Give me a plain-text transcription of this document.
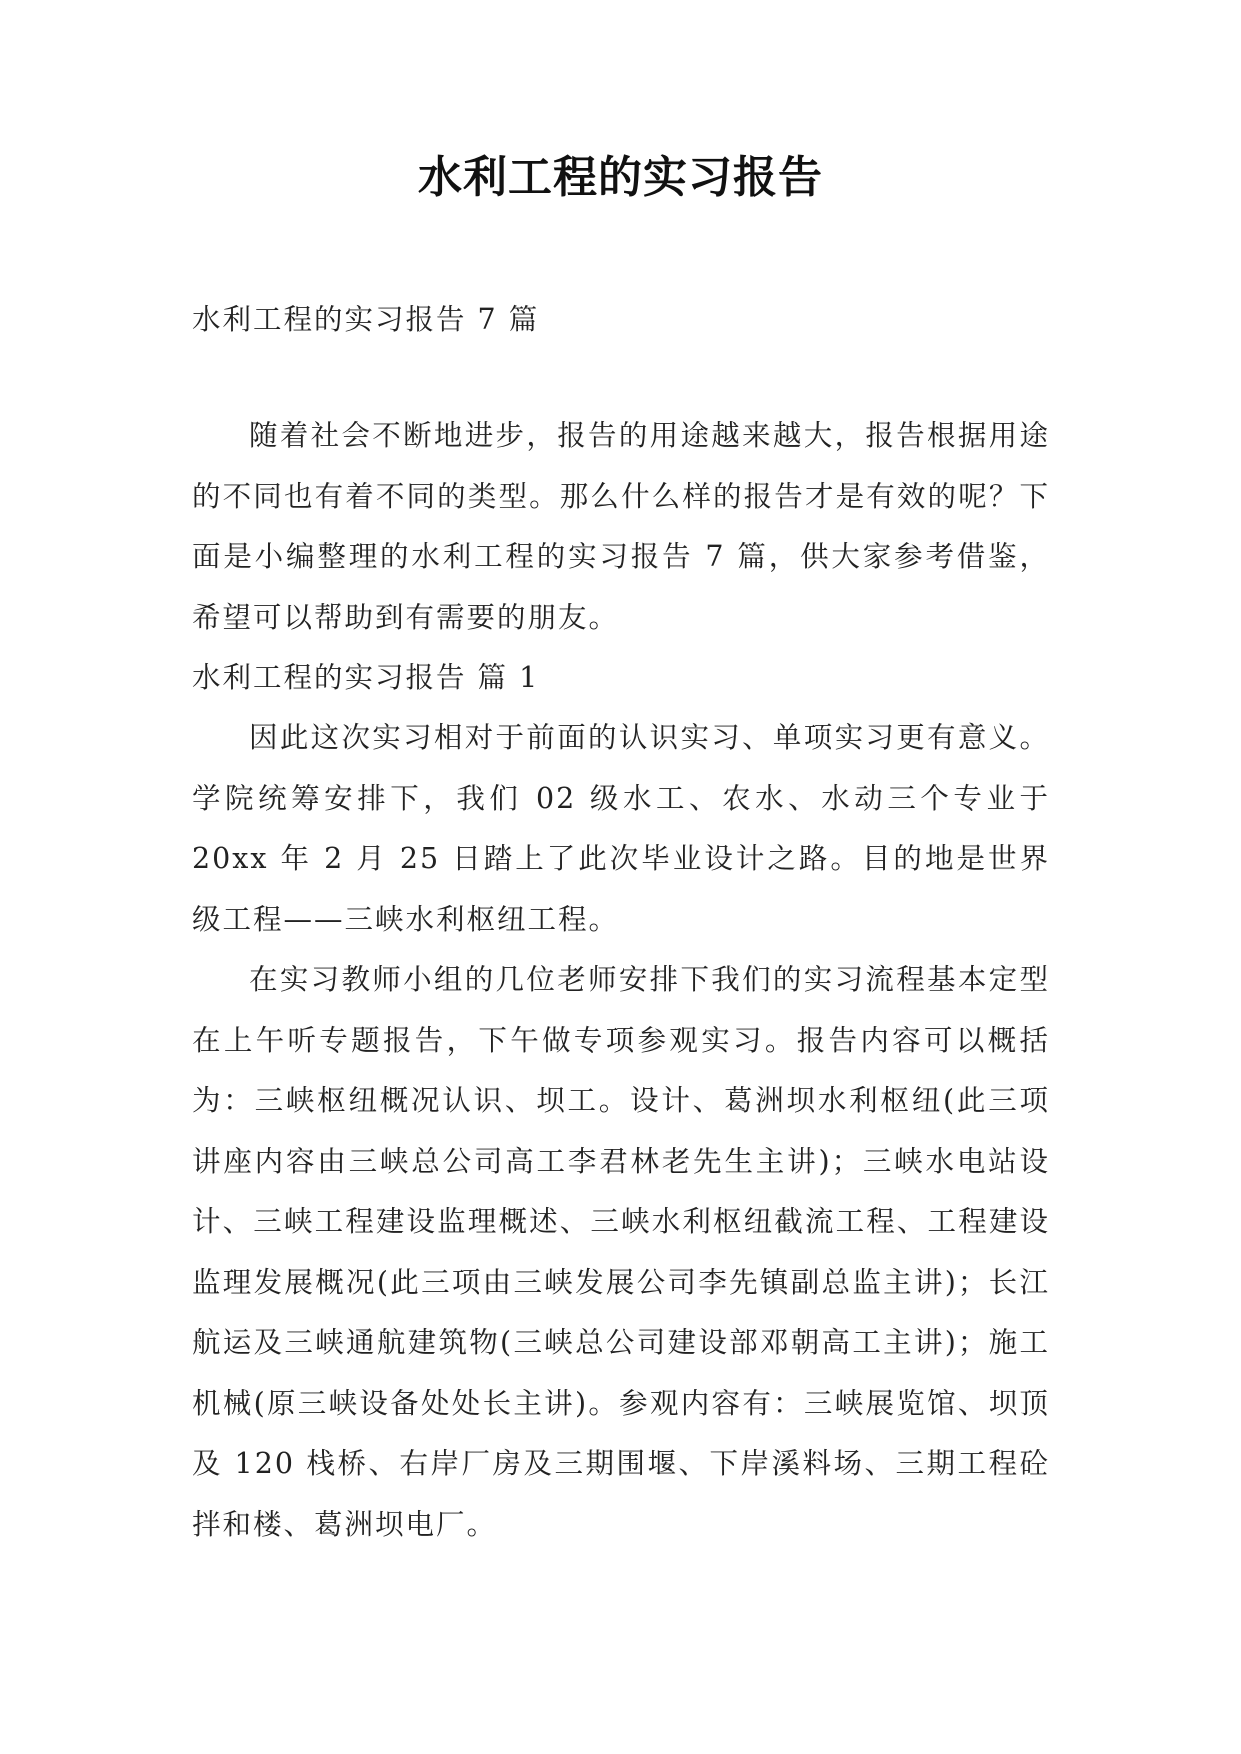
水利工程的实习报告

水利工程的实习报告 7 篇

随着社会不断地进步，报告的用途越来越大，报告根据用途的不同也有着不同的类型。那么什么样的报告才是有效的呢？下面是小编整理的水利工程的实习报告 7 篇，供大家参考借鉴，希望可以帮助到有需要的朋友。

水利工程的实习报告 篇 1

因此这次实习相对于前面的认识实习、单项实习更有意义。学院统筹安排下，我们 02 级水工、农水、水动三个专业于 20xx 年 2 月 25 日踏上了此次毕业设计之路。目的地是世界级工程——三峡水利枢纽工程。

在实习教师小组的几位老师安排下我们的实习流程基本定型在上午听专题报告，下午做专项参观实习。报告内容可以概括为：三峡枢纽概况认识、坝工。设计、葛洲坝水利枢纽(此三项讲座内容由三峡总公司高工李君林老先生主讲)；三峡水电站设计、三峡工程建设监理概述、三峡水利枢纽截流工程、工程建设监理发展概况(此三项由三峡发展公司李先镇副总监主讲)；长江航运及三峡通航建筑物(三峡总公司建设部邓朝高工主讲)；施工机械(原三峡设备处处长主讲)。参观内容有：三峡展览馆、坝顶及 120 栈桥、右岸厂房及三期围堰、下岸溪料场、三期工程砼拌和楼、葛洲坝电厂。
